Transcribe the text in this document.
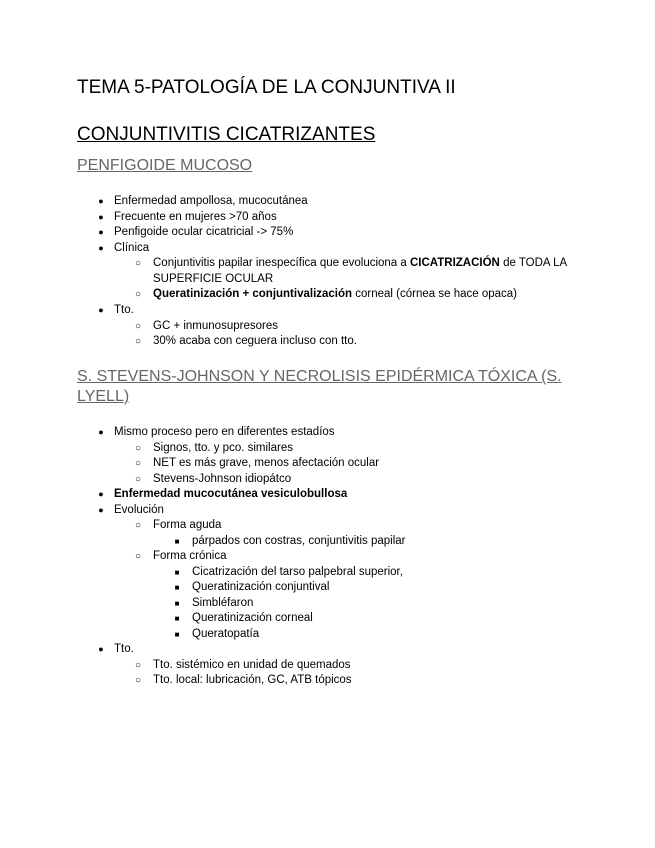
TEMA 5-PATOLOGÍA DE LA CONJUNTIVA II
CONJUNTIVITIS CICATRIZANTES
PENFIGOIDE MUCOSO
● Enfermedad ampollosa, mucocutánea
● Frecuente en mujeres >70 años
● Penfigoide ocular cicatricial -> 75%
● Clínica
○ Conjuntivitis papilar inespecífica que evoluciona a CICATRIZACIÓN de TODA LA SUPERFICIE OCULAR
○ Queratinización + conjuntivalización corneal (córnea se hace opaca)
● Tto.
○ GC + inmunosupresores
○ 30% acaba con ceguera incluso con tto.
S. STEVENS-JOHNSON Y NECROLISIS EPIDÉRMICA TÓXICA (S. LYELL)
● Mismo proceso pero en diferentes estadíos
○ Signos, tto. y pco. similares
○ NET es más grave, menos afectación ocular
○ Stevens-Johnson idiopátco
● Enfermedad mucocutánea vesiculobullosa
● Evolución
○ Forma aguda
■ párpados con costras, conjuntivitis papilar
○ Forma crónica
■ Cicatrización del tarso palpebral superior,
■ Queratinización conjuntival
■ Simbléfaron
■ Queratinización corneal
■ Queratopatía
● Tto.
○ Tto. sistémico en unidad de quemados
○ Tto. local: lubricación, GC, ATB tópicos
